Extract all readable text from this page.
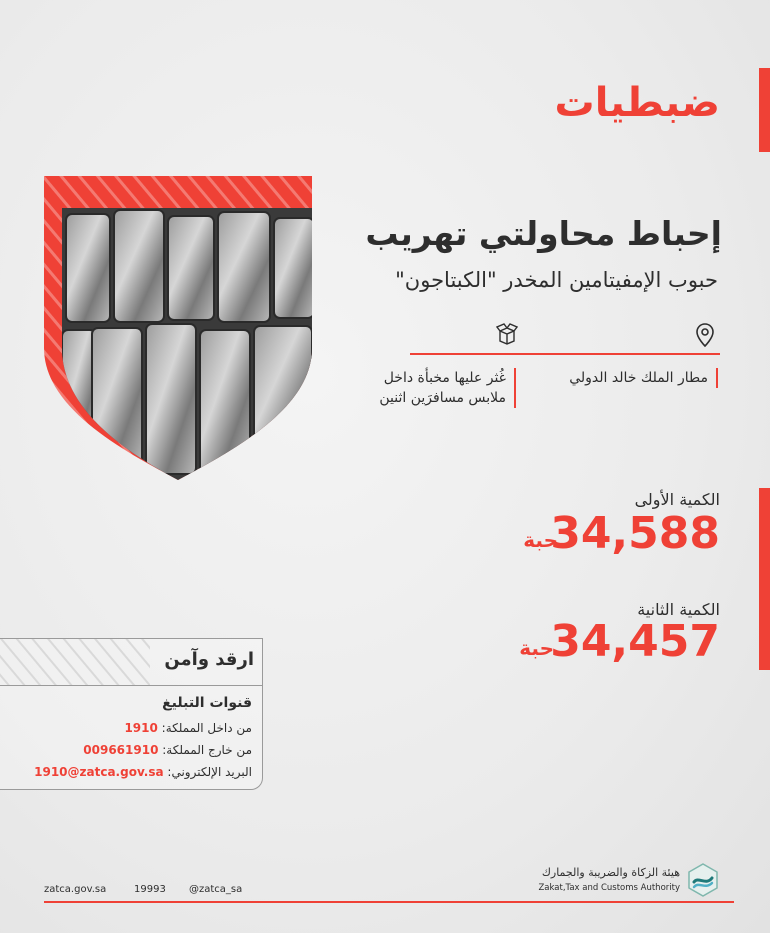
ضبطيات
إحباط محاولتي تهريب
حبوب الإمفيتامين المخدر "الكبتاجون"
مطار الملك خالد الدولي
غُثر عليها مخبأة داخل
ملابس مسافرَين اثنين
الكمية الأولى
34,588
حبة
الكمية الثانية
34,457
حبة
ارقد وآمن
قنوات التبليغ
من داخل المملكة: 1910
من خارج المملكة: 009661910
البريد الإلكتروني: 1910@zatca.gov.sa
zatca.gov.sa	19993 @zatca_sa
هيئة الزكاة والضريبة والجمارك
Zakat,Tax and Customs Authority
